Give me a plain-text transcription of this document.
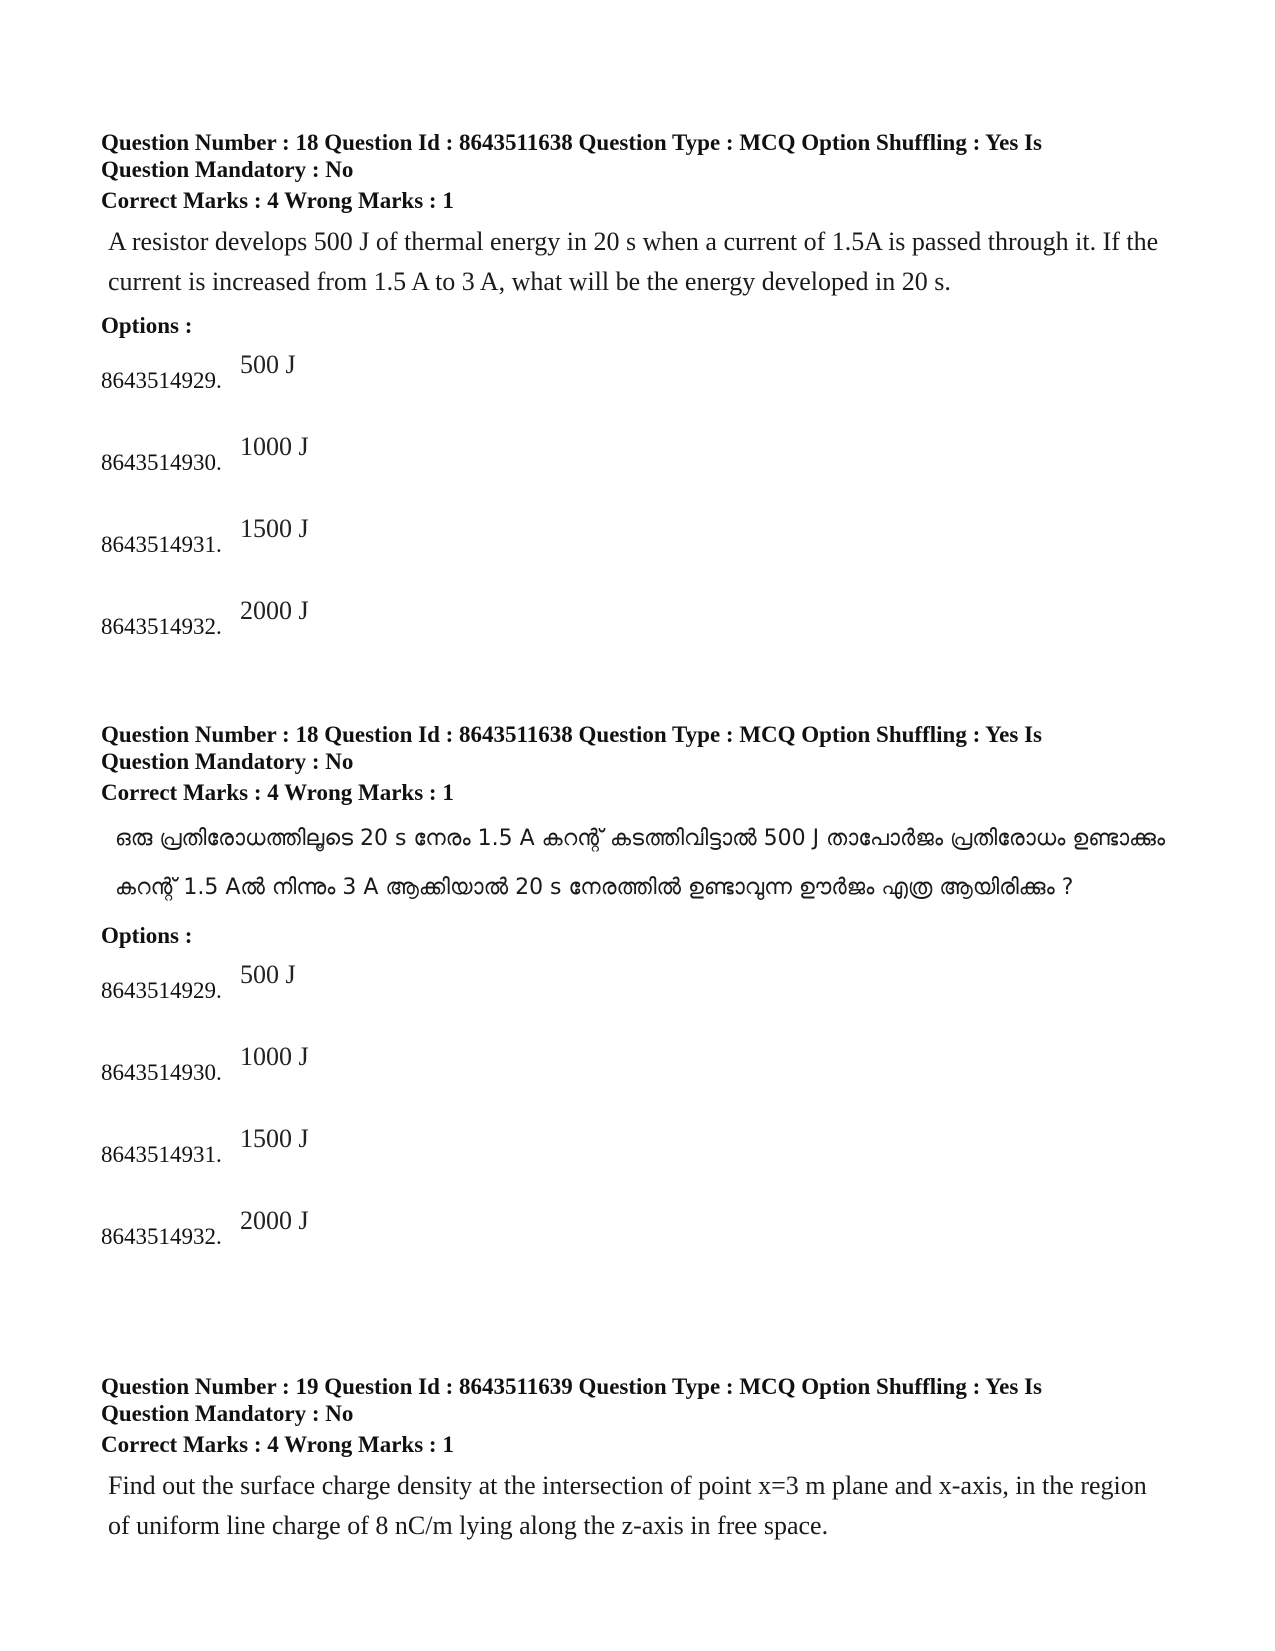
Question Number : 18 Question Id : 8643511638 Question Type : MCQ Option Shuffling : Yes Is
Question Mandatory : No
Correct Marks : 4 Wrong Marks : 1
A resistor develops 500 J of thermal energy in 20 s when a current of 1.5A is passed through it. If the current is increased from 1.5 A to 3 A, what will be the energy developed in 20 s.
Options :
8643514929.
500 J
8643514930.
1000 J
8643514931.
1500 J
8643514932.
2000 J
Question Number : 18 Question Id : 8643511638 Question Type : MCQ Option Shuffling : Yes Is
Question Mandatory : No
Correct Marks : 4 Wrong Marks : 1
ഒരു പ്രതിരോധത്തിലൂടെ 20 s നേരം 1.5 A കറന്റ് കടത്തിവിട്ടാൽ 500 J താപോർജം പ്രതിരോധം ഉണ്ടാക്കും കറന്റ് 1.5 Aൽ നിന്നും 3 A ആക്കിയാൽ 20 s നേരത്തിൽ ഉണ്ടാവുന്ന ഊർജം എത്ര ആയിരിക്കും ?
Options :
8643514929.
500 J
8643514930.
1000 J
8643514931.
1500 J
8643514932.
2000 J
Question Number : 19 Question Id : 8643511639 Question Type : MCQ Option Shuffling : Yes Is
Question Mandatory : No
Correct Marks : 4 Wrong Marks : 1
Find out the surface charge density at the intersection of point x=3 m plane and x-axis, in the region of uniform line charge of 8 nC/m lying along the z-axis in free space.
